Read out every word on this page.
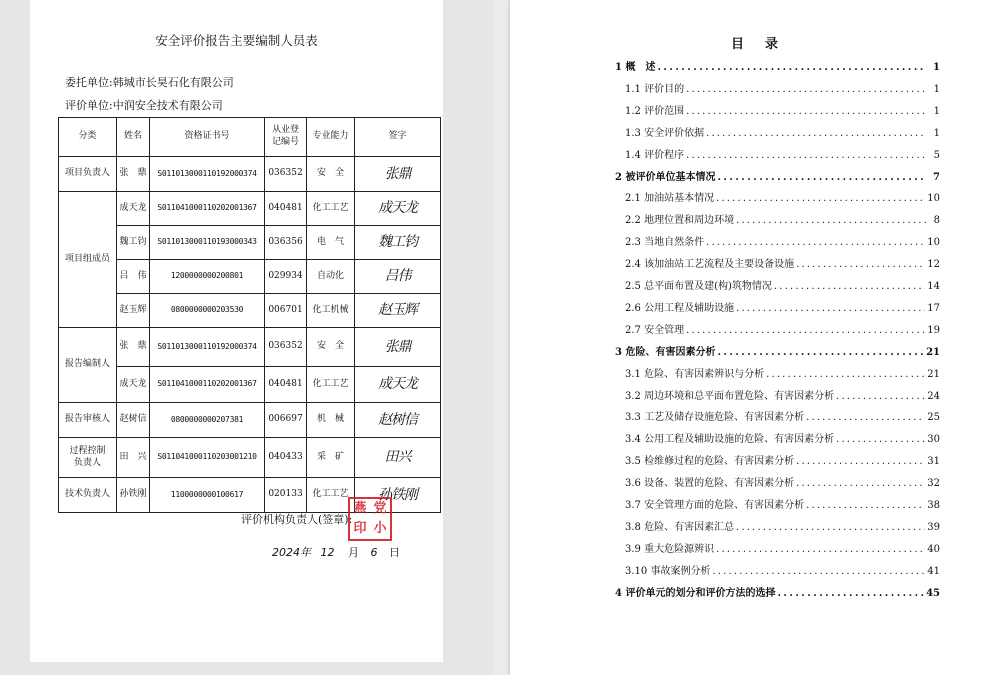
安全评价报告主要编制人员表
委托单位:韩城市长昊石化有限公司
评价单位:中润安全技术有限公司
分类	姓名	资格证书号	从业登记编号	专业能力	签字
项目负责人	张　鼎	S011013000110192000374	036352	安　全	张鼎
项目组成员	成天龙	S011041000110202001367	040481	化工工艺	成天龙
	魏工钧	S011013000110193000343	036356	电　气	魏工钧
	吕　伟	1200000000200801	029934	自动化	吕伟
	赵玉辉	0800000000203530	006701	化工机械	赵玉辉
报告编制人	张　鼎	S011013000110192000374	036352	安　全	张鼎
	成天龙	S011041000110202001367	040481	化工工艺	成天龙
报告审核人	赵树信	0800000000207381	006697	机　械	赵树信
过程控制负责人	田　兴	S011041000110203001210	040433	采　矿	田兴
技术负责人	孙铁刚	1100000000100617	020133	化工工艺	孙铁刚
评价机构负责人(签章):
燕 党
印 小
2024年 12 月 6 日
目　录
1 概　述 . . .	1
1.1 评价目的 . . .	1
1.2 评价范围 . . .	1
1.3 安全评价依据 . . .	1
1.4 评价程序 . . .	5
2 被评价单位基本情况 . . .	7
2.1 加油站基本情况 . . .	10
2.2 地理位置和周边环境 . . .	8
2.3 当地自然条件 . . .	10
2.4 该加油站工艺流程及主要设备设施 . . .	12
2.5 总平面布置及建(构)筑物情况 . . .	14
2.6 公用工程及辅助设施 . . .	17
2.7 安全管理 . . .	19
3 危险、有害因素分析 . . .	21
3.1 危险、有害因素辨识与分析 . . .	21
3.2 周边环境和总平面布置危险、有害因素分析 . . .	24
3.3 工艺及储存设施危险、有害因素分析 . . .	25
3.4 公用工程及辅助设施的危险、有害因素分析 . . .	30
3.5 检维修过程的危险、有害因素分析 . . .	31
3.6 设备、装置的危险、有害因素分析 . . .	32
3.7 安全管理方面的危险、有害因素分析 . . .	38
3.8 危险、有害因素汇总 . . .	39
3.9 重大危险源辨识 . . .	40
3.10 事故案例分析 . . .	41
4 评价单元的划分和评价方法的选择 . . .	45
